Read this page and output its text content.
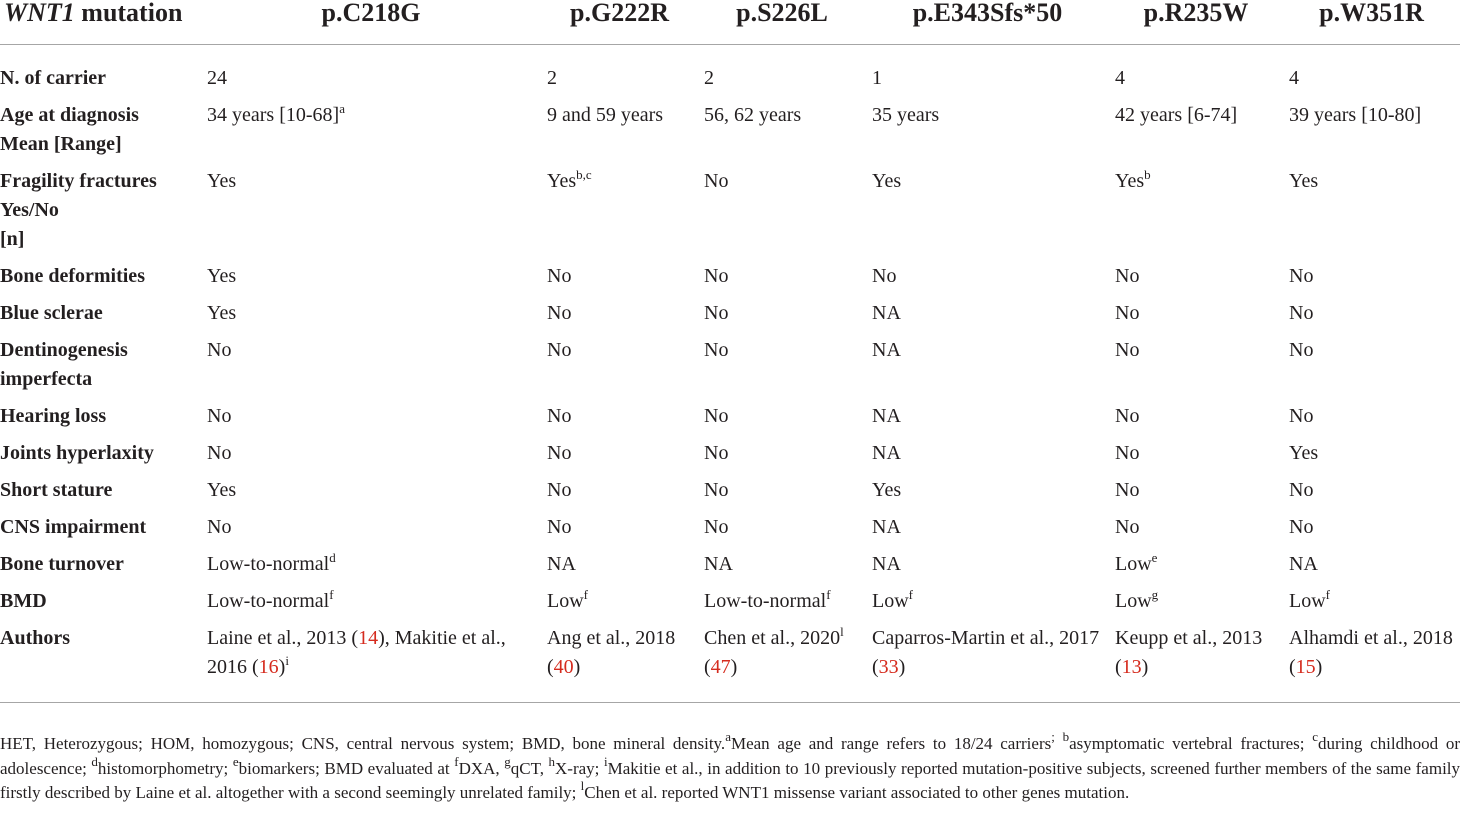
WNT1 mutation	p.C218G	p.G222R	p.S226L	p.E343Sfs*50	p.R235W	p.W351R
N. of carrier	24	2	2	1	4	4
Age at diagnosis
Mean [Range]	34 years $[10-68]^a$	9 and 59 years	56, 62 years	35 years	42 years [6-74]	39 years [10-80]
Fragility fractures
Yes/No
[n]	Yes	Yes$^{b,c}$	No	Yes	Yes$^b$	Yes
Bone deformities	Yes	No	No	No	No	No
Blue sclerae	Yes	No	No	NA	No	No
Dentinogenesis
imperfecta	No	No	No	NA	No	No
Hearing loss	No	No	No	NA	No	No
Joints hyperlaxity	No	No	No	NA	No	Yes
Short stature	Yes	No	No	Yes	No	No
CNS impairment	No	No	No	NA	No	No
Bone turnover	Low-to-normal$^d$	NA	NA	NA	Low$^e$	NA
BMD	Low-to-normal$^f$	Low$^f$	Low-to-normal$^f$	Low$^f$	Low$^g$	Low$^f$
Authors	Laine et al., 2013 (14), Makitie et al., 2016 $(16)^i$	Ang et al., 2018 (40)	Chen et al., 2020$^l$ (47)	Caparros-Martin et al., 2017 (33)	Keupp et al., 2013 (13)	Alhamdi et al., 2018 (15)

HET, Heterozygous; HOM, homozygous; CNS, central nervous system; BMD, bone mineral density.$^a$Mean age and range refers to 18/24 carriers; $^b$asymptomatic vertebral fractures; $^c$during childhood or adolescence; $^d$histomorphometry; $^e$biomarkers; BMD evaluated at $^f$DXA, $^g$qCT, $^h$X-ray; $^i$Makitie et al., in addition to 10 previously reported mutation-positive subjects, screened further members of the same family firstly described by Laine et al. altogether with a second seemingly unrelated family; $^l$Chen et al. reported WNT1 missense variant associated to other genes mutation.
